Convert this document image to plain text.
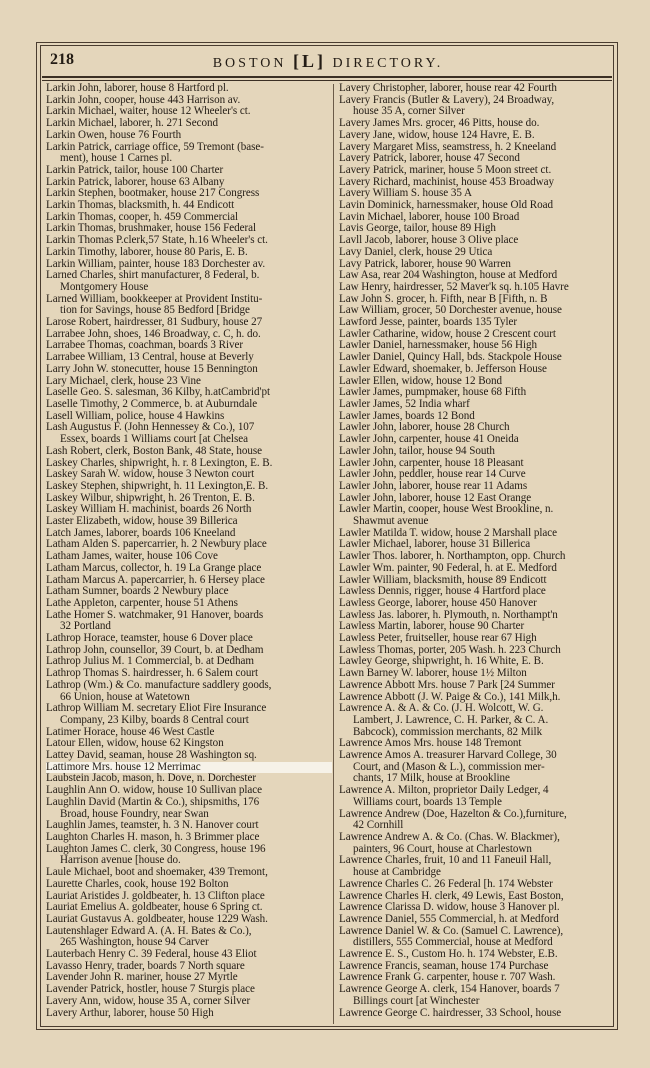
218	BOSTON [L] DIRECTORY.
Larkin John, laborer, house 8 Hartford pl.
Larkin John, cooper, house 443 Harrison av.
Larkin Michael, waiter, house 12 Wheeler's ct.
Larkin Michael, laborer, h. 271 Second
Larkin Owen, house 76 Fourth
Larkin Patrick, carriage office, 59 Tremont (base-
ment), house 1 Carnes pl.
Larkin Patrick, tailor, house 100 Charter
Larkin Patrick, laborer, house 63 Albany
Larkin Stephen, bootmaker, house 217 Congress
Larkin Thomas, blacksmith, h. 44 Endicott
Larkin Thomas, cooper, h. 459 Commercial
Larkin Thomas, brushmaker, house 156 Federal
Larkin Thomas P.clerk,57 State, h.16 Wheeler's ct.
Larkin Timothy, laborer, house 80 Paris, E. B.
Larkin William, painter, house 183 Dorchester av.
Larned Charles, shirt manufacturer, 8 Federal, b.
Montgomery House
Larned William, bookkeeper at Provident Institu-
tion for Savings, house 85 Bedford [Bridge
Larose Robert, hairdresser, 81 Sudbury, house 27
Larrabee John, shoes, 146 Broadway, c. C, h. do.
Larrabee Thomas, coachman, boards 3 River
Larrabee William, 13 Central, house at Beverly
Larry John W. stonecutter, house 15 Bennington
Lary Michael, clerk, house 23 Vine
Laselle Geo. S. salesman, 36 Kilby, h.atCambrid'pt
Laselle Timothy, 2 Commerce, b. at Auburndale
Lasell William, police, house 4 Hawkins
Lash Augustus F. (John Hennessey & Co.), 107
Essex, boards 1 Williams court [at Chelsea
Lash Robert, clerk, Boston Bank, 48 State, house
Laskey Charles, shipwright, h. r. 8 Lexington, E. B.
Laskey Sarah W. widow, house 3 Newton court
Laskey Stephen, shipwright, h. 11 Lexington,E. B.
Laskey Wilbur, shipwright, h. 26 Trenton, E. B.
Laskey William H. machinist, boards 26 North
Laster Elizabeth, widow, house 39 Billerica
Latch James, laborer, boards 106 Kneeland
Latham Alden S. papercarrier, h. 2 Newbury place
Latham James, waiter, house 106 Cove
Latham Marcus, collector, h. 19 La Grange place
Latham Marcus A. papercarrier, h. 6 Hersey place
Latham Sumner, boards 2 Newbury place
Lathe Appleton, carpenter, house 51 Athens
Lathe Homer S. watchmaker, 91 Hanover, boards
32 Portland
Lathrop Horace, teamster, house 6 Dover place
Lathrop John, counsellor, 39 Court, b. at Dedham
Lathrop Julius M. 1 Commercial, b. at Dedham
Lathrop Thomas S. hairdresser, h. 6 Salem court
Lathrop (Wm.) & Co. manufacture saddlery goods,
66 Union, house at Watetown
Lathrop William M. secretary Eliot Fire Insurance
Company, 23 Kilby, boards 8 Central court
Latimer Horace, house 46 West Castle
Latour Ellen, widow, house 62 Kingston
Lattey David, seaman, house 28 Washington sq.
Lattimore Mrs. house 12 Merrimac
Laubstein Jacob, mason, h. Dove, n. Dorchester
Laughlin Ann O. widow, house 10 Sullivan place
Laughlin David (Martin & Co.), shipsmiths, 176
Broad, house Foundry, near Swan
Laughlin James, teamster, h. 3 N. Hanover court
Laughton Charles H. mason, h. 3 Brimmer place
Laughton James C. clerk, 30 Congress, house 196
Harrison avenue [house do.
Laule Michael, boot and shoemaker, 439 Tremont,
Laurette Charles, cook, house 192 Bolton
Lauriat Aristides J. goldbeater, h. 13 Clifton place
Lauriat Emelius A. goldbeater, house 6 Spring ct.
Lauriat Gustavus A. goldbeater, house 1229 Wash.
Lautenshlager Edward A. (A. H. Bates & Co.),
265 Washington, house 94 Carver
Lauterbach Henry C. 39 Federal, house 43 Eliot
Lavasso Henry, trader, boards 7 North square
Lavender John R. mariner, house 27 Myrtle
Lavender Patrick, hostler, house 7 Sturgis place
Lavery Ann, widow, house 35 A, corner Silver
Lavery Arthur, laborer, house 50 High
Lavery Christopher, laborer, house rear 42 Fourth
Lavery Francis (Butler & Lavery), 24 Broadway,
house 35 A, corner Silver
Lavery James Mrs. grocer, 46 Pitts, house do.
Lavery Jane, widow, house 124 Havre, E. B.
Lavery Margaret Miss, seamstress, h. 2 Kneeland
Lavery Patrick, laborer, house 47 Second
Lavery Patrick, mariner, house 5 Moon street ct.
Lavery Richard, machinist, house 453 Broadway
Lavery William S. house 35 A
Lavin Dominick, harnessmaker, house Old Road
Lavin Michael, laborer, house 100 Broad
Lavis George, tailor, house 89 High
Lavll Jacob, laborer, house 3 Olive place
Lavy Daniel, clerk, house 29 Utica
Lavy Patrick, laborer, house 90 Warren
Law Asa, rear 204 Washington, house at Medford
Law Henry, hairdresser, 52 Maver'k sq. h.105 Havre
Law John S. grocer, h. Fifth, near B [Fifth, n. B
Law William, grocer, 50 Dorchester avenue, house
Lawford Jesse, painter, boards 135 Tyler
Lawler Catharine, widow, house 2 Crescent court
Lawler Daniel, harnessmaker, house 56 High
Lawler Daniel, Quincy Hall, bds. Stackpole House
Lawler Edward, shoemaker, b. Jefferson House
Lawler Ellen, widow, house 12 Bond
Lawler James, pumpmaker, house 68 Fifth
Lawler James, 52 India wharf
Lawler James, boards 12 Bond
Lawler John, laborer, house 28 Church
Lawler John, carpenter, house 41 Oneida
Lawler John, tailor, house 94 South
Lawler John, carpenter, house 18 Pleasant
Lawler John, peddler, house rear 14 Curve
Lawler John, laborer, house rear 11 Adams
Lawler John, laborer, house 12 East Orange
Lawler Martin, cooper, house West Brookline, n.
Shawmut avenue
Lawler Matilda T. widow, house 2 Marshall place
Lawler Michael, laborer, house 31 Billerica
Lawler Thos. laborer, h. Northampton, opp. Church
Lawler Wm. painter, 90 Federal, h. at E. Medford
Lawler William, blacksmith, house 89 Endicott
Lawless Dennis, rigger, house 4 Hartford place
Lawless George, laborer, house 450 Hanover
Lawless Jas. laborer, h. Plymouth, n. Northampt'n
Lawless Martin, laborer, house 90 Charter
Lawless Peter, fruitseller, house rear 67 High
Lawless Thomas, porter, 205 Wash. h. 223 Church
Lawley George, shipwright, h. 16 White, E. B.
Lawn Barney W. laborer, house 1½ Milton
Lawrence Abbott Mrs. house 7 Park [24 Summer
Lawrence Abbott (J. W. Paige & Co.), 141 Milk,h.
Lawrence A. & A. & Co. (J. H. Wolcott, W. G.
Lambert, J. Lawrence, C. H. Parker, & C. A.
Babcock), commission merchants, 82 Milk
Lawrence Amos Mrs. house 148 Tremont
Lawrence Amos A. treasurer Harvard College, 30
Court, and (Mason & L.), commission mer-
chants, 17 Milk, house at Brookline
Lawrence A. Milton, proprietor Daily Ledger, 4
Williams court, boards 13 Temple
Lawrence Andrew (Doe, Hazelton & Co.),furniture,
42 Cornhill
Lawrence Andrew A. & Co. (Chas. W. Blackmer),
painters, 96 Court, house at Charlestown
Lawrence Charles, fruit, 10 and 11 Faneuil Hall,
house at Cambridge
Lawrence Charles C. 26 Federal [h. 174 Webster
Lawrence Charles H. clerk, 49 Lewis, East Boston,
Lawrence Clarissa D. widow, house 3 Hanover pl.
Lawrence Daniel, 555 Commercial, h. at Medford
Lawrence Daniel W. & Co. (Samuel C. Lawrence),
distillers, 555 Commercial, house at Medford
Lawrence E. S., Custom Ho. h. 174 Webster, E.B.
Lawrence Francis, seaman, house 174 Purchase
Lawrence Frank G. carpenter, house r. 707 Wash.
Lawrence George A. clerk, 154 Hanover, boards 7
Billings court [at Winchester
Lawrence George C. hairdresser, 33 School, house
